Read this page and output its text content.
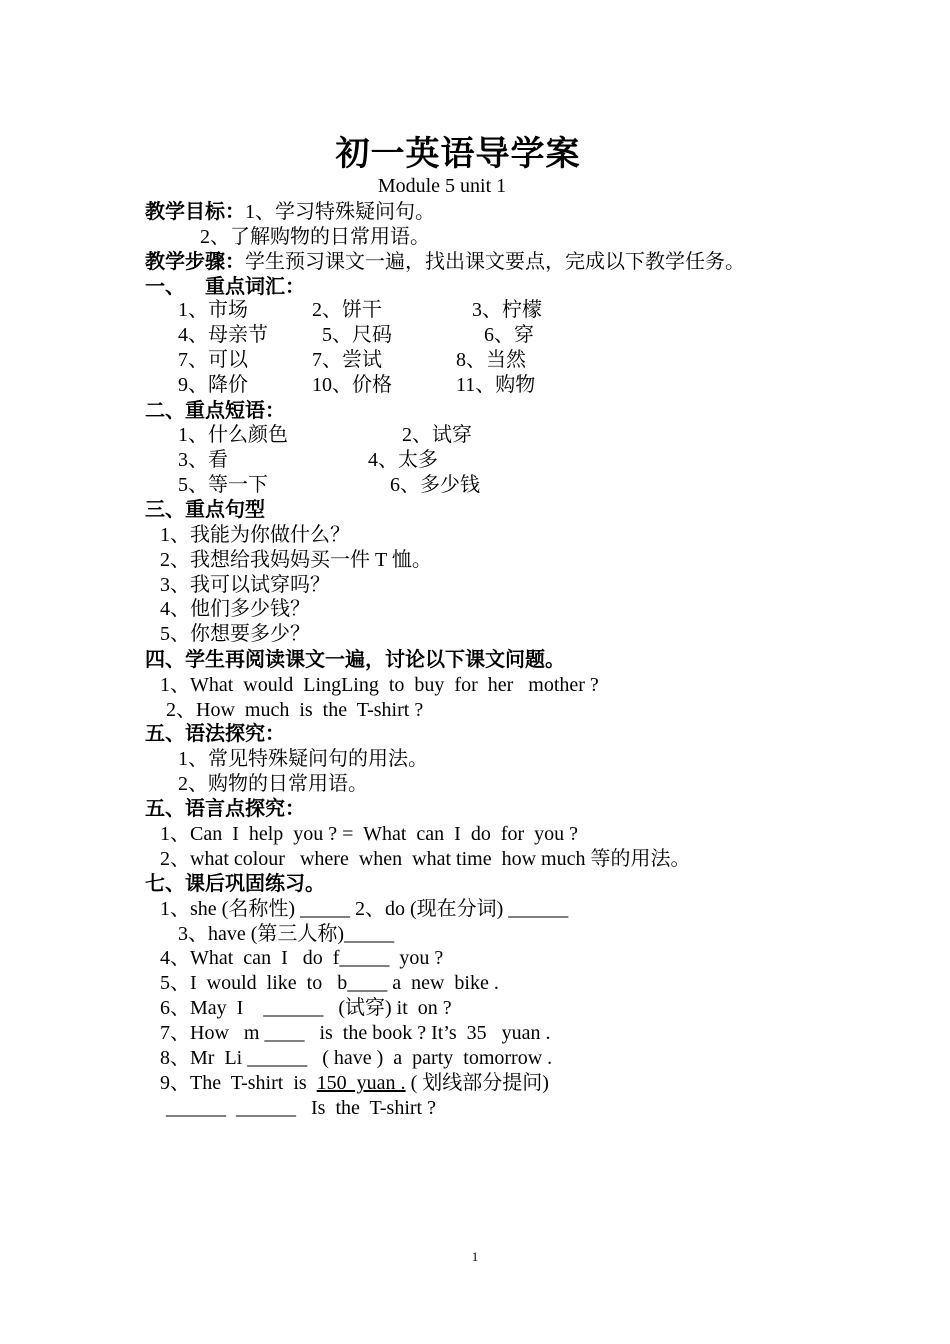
初一英语导学案
Module 5 unit 1
教学目标：1、学习特殊疑问句。
2、了解购物的日常用语。
教学步骤：学生预习课文一遍，找出课文要点，完成以下教学任务。
一、    重点词汇：
1、市场	2、饼干	3、柠檬
4、母亲节	5、尺码	6、穿
7、可以	7、尝试	8、当然
9、降价	10、价格	11、购物
二、重点短语：
1、什么颜色	2、试穿
3、看	4、太多
5、等一下	6、多少钱
三、重点句型
1、我能为你做什么？
2、我想给我妈妈买一件 T 恤。
3、我可以试穿吗？
4、他们多少钱？
5、你想要多少？
四、学生再阅读课文一遍，讨论以下课文问题。
1、What  would  LingLing  to  buy  for  her   mother ?
2、How  much  is  the  T-shirt ?
五、语法探究：
1、常见特殊疑问句的用法。
2、购物的日常用语。
五、语言点探究：
1、Can  I  help  you ? =  What  can  I  do  for  you ?
2、what colour   where  when  what time  how much 等的用法。
七、课后巩固练习。
1、she (名称性) _____ 2、do (现在分词) ______
3、have (第三人称)_____
4、What  can  I   do  f_____  you ?
5、I  would  like  to   b____ a  new  bike .
6、May  I    ______   (试穿) it  on ?
7、How   m ____   is  the book ? It’s  35   yuan .
8、Mr  Li ______   ( have )  a  party  tomorrow .
9、The  T-shirt  is  150  yuan . ( 划线部分提问)
______  ______   Is  the  T-shirt ?
1
